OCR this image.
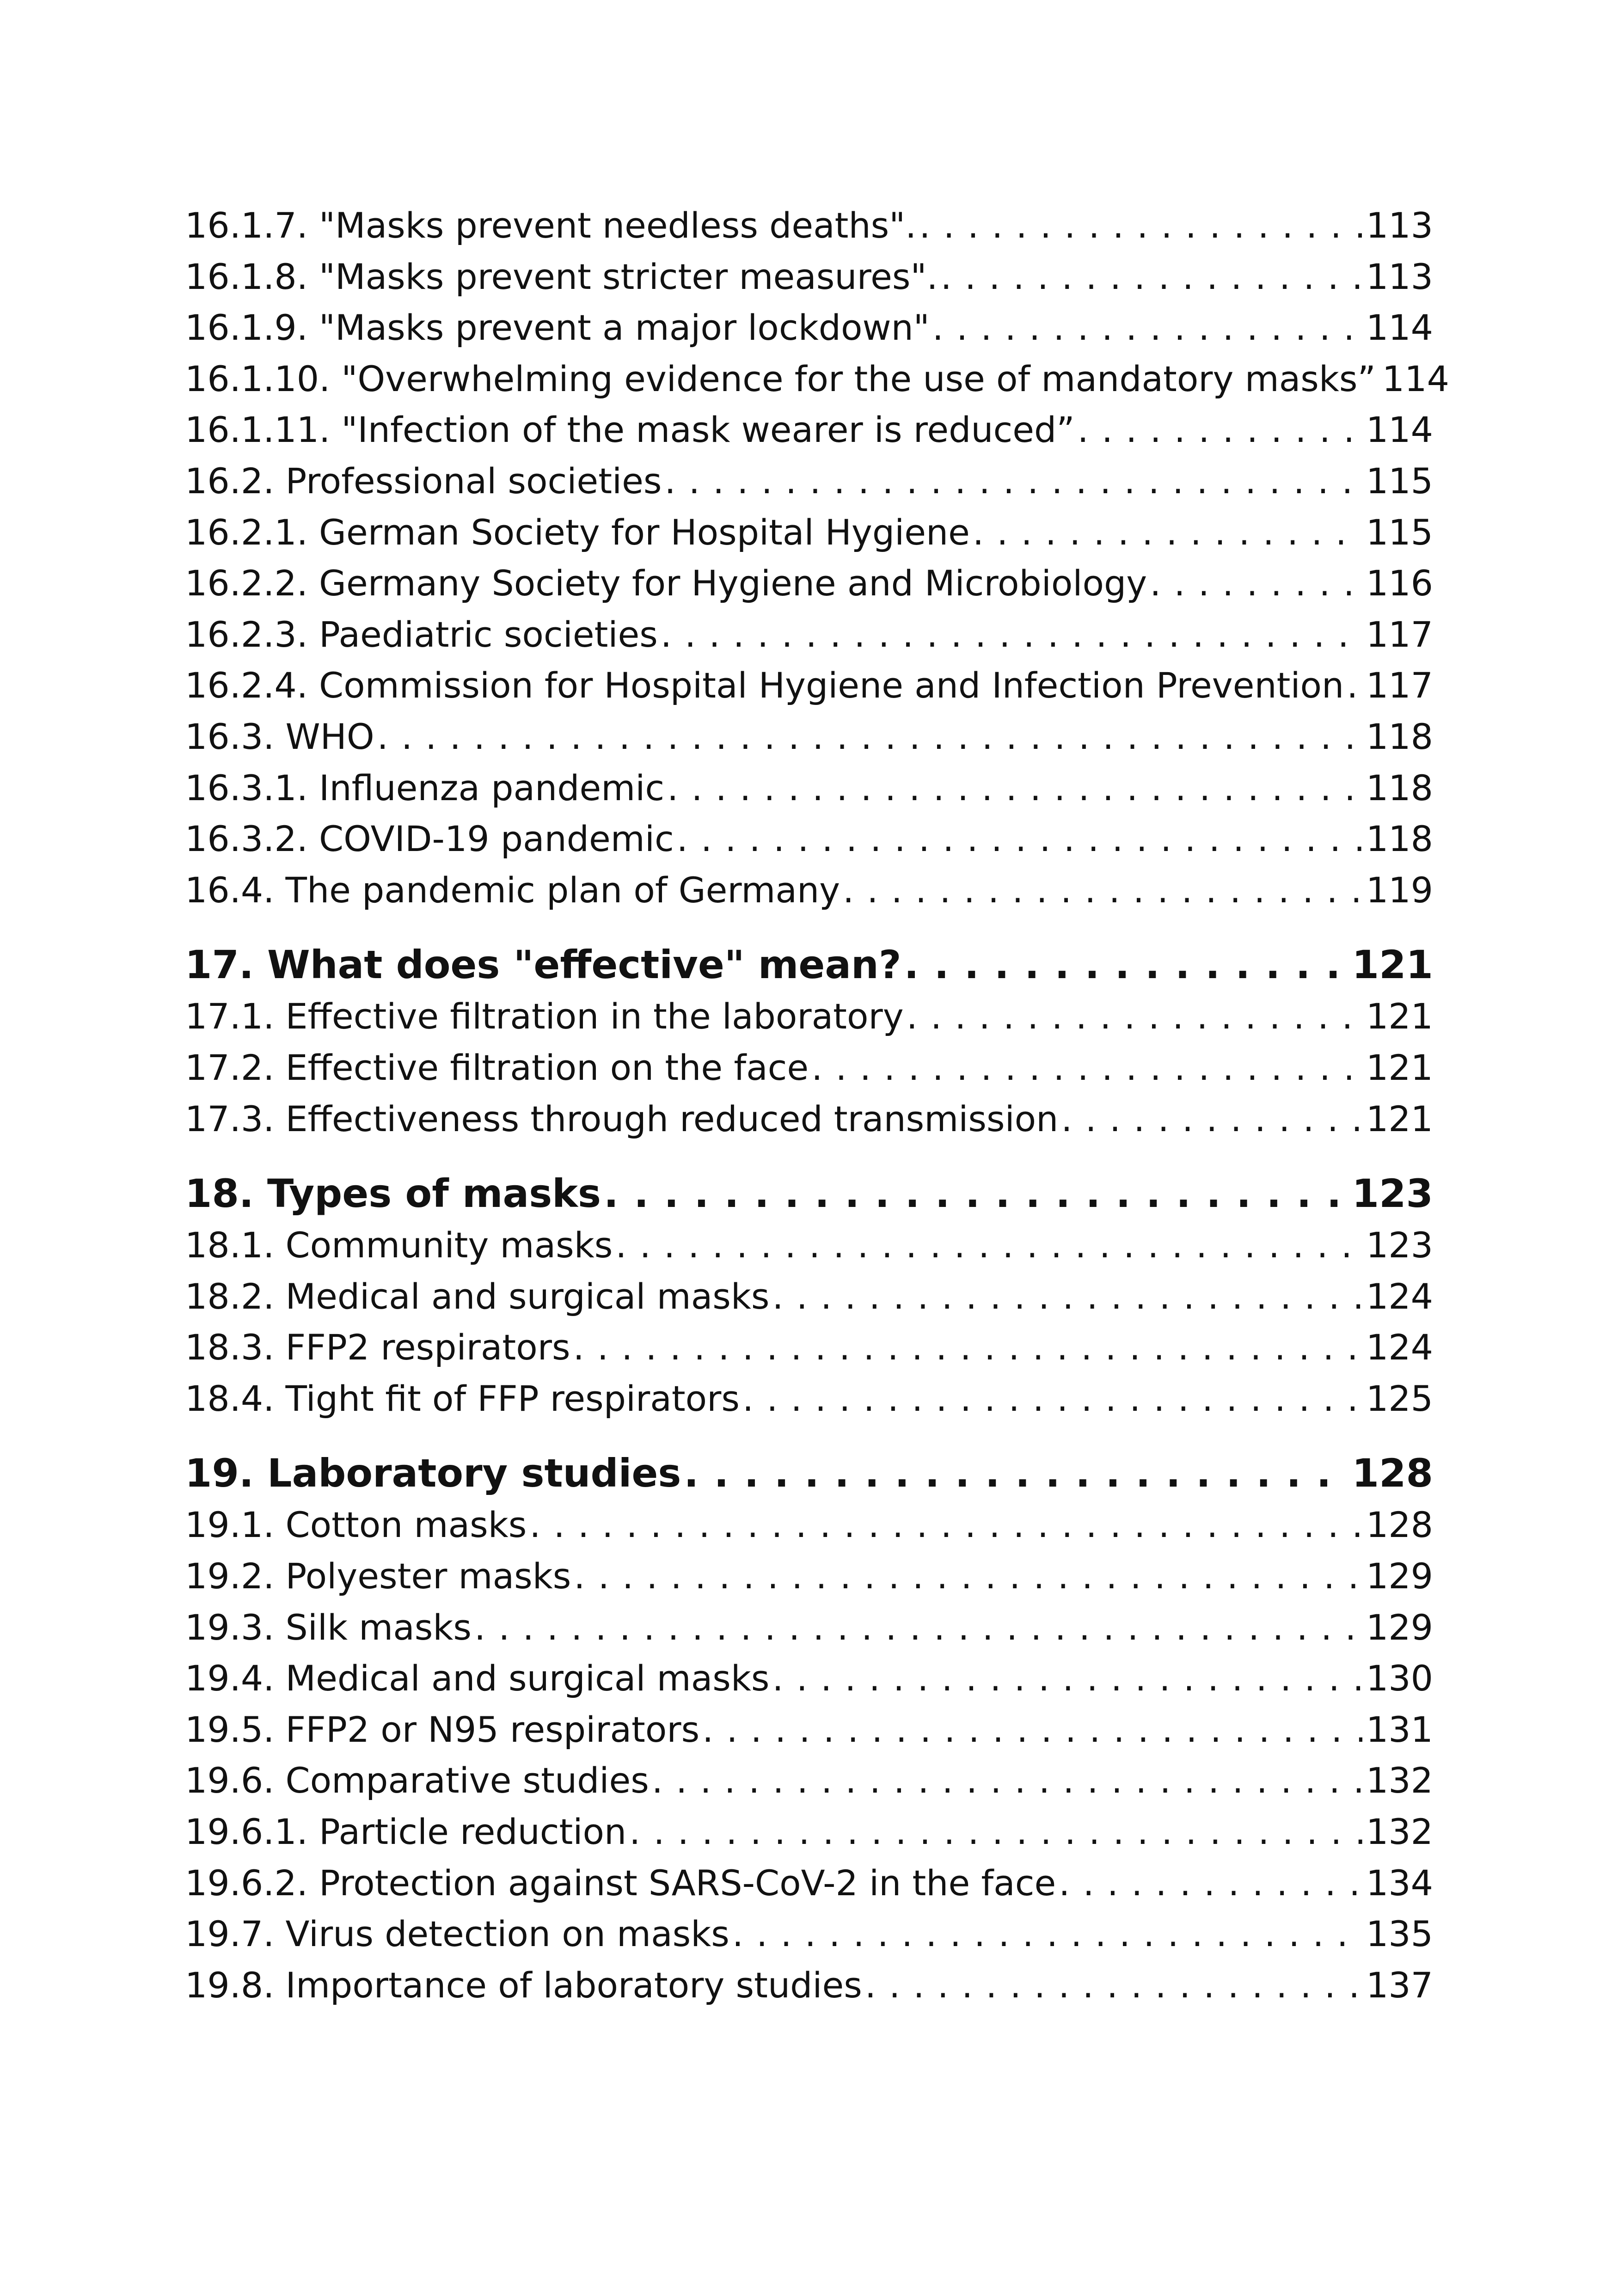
16.1.7. "Masks prevent needless deaths". . . .	113
16.1.8. "Masks prevent stricter measures". . . .	113
16.1.9. "Masks prevent a major lockdown" . . .	114
16.1.10. "Overwhelming evidence for the use of mandatory masks” 114
16.1.11. "Infection of the mask wearer is reduced” . . .	114
16.2. Professional societies . . .	115
16.2.1. German Society for Hospital Hygiene . . .	115
16.2.2. Germany Society for Hygiene and Microbiology . . .	116
16.2.3. Paediatric societies . . .	117
16.2.4. Commission for Hospital Hygiene and Infection Prevention . . . 117
16.3. WHO . . .	118
16.3.1. Influenza pandemic . . .	118
16.3.2. COVID-19 pandemic . . .	118
16.4. The pandemic plan of Germany . . .	119
17. What does "effective" mean? . . .	121
17.1. Effective filtration in the laboratory . . .	121
17.2. Effective filtration on the face . . .	121
17.3. Effectiveness through reduced transmission . . .	121
18. Types of masks . . .	123
18.1. Community masks . . .	123
18.2. Medical and surgical masks . . .	124
18.3. FFP2 respirators . . .	124
18.4. Tight fit of FFP respirators . . .	125
19. Laboratory studies . . .	128
19.1. Cotton masks . . .	128
19.2. Polyester masks . . .	129
19.3. Silk masks . . .	129
19.4. Medical and surgical masks . . .	130
19.5. FFP2 or N95 respirators . . .	131
19.6. Comparative studies . . .	132
19.6.1. Particle reduction . . .	132
19.6.2. Protection against SARS-CoV-2 in the face . . .	134
19.7. Virus detection on masks . . .	135
19.8. Importance of laboratory studies . . .	137
